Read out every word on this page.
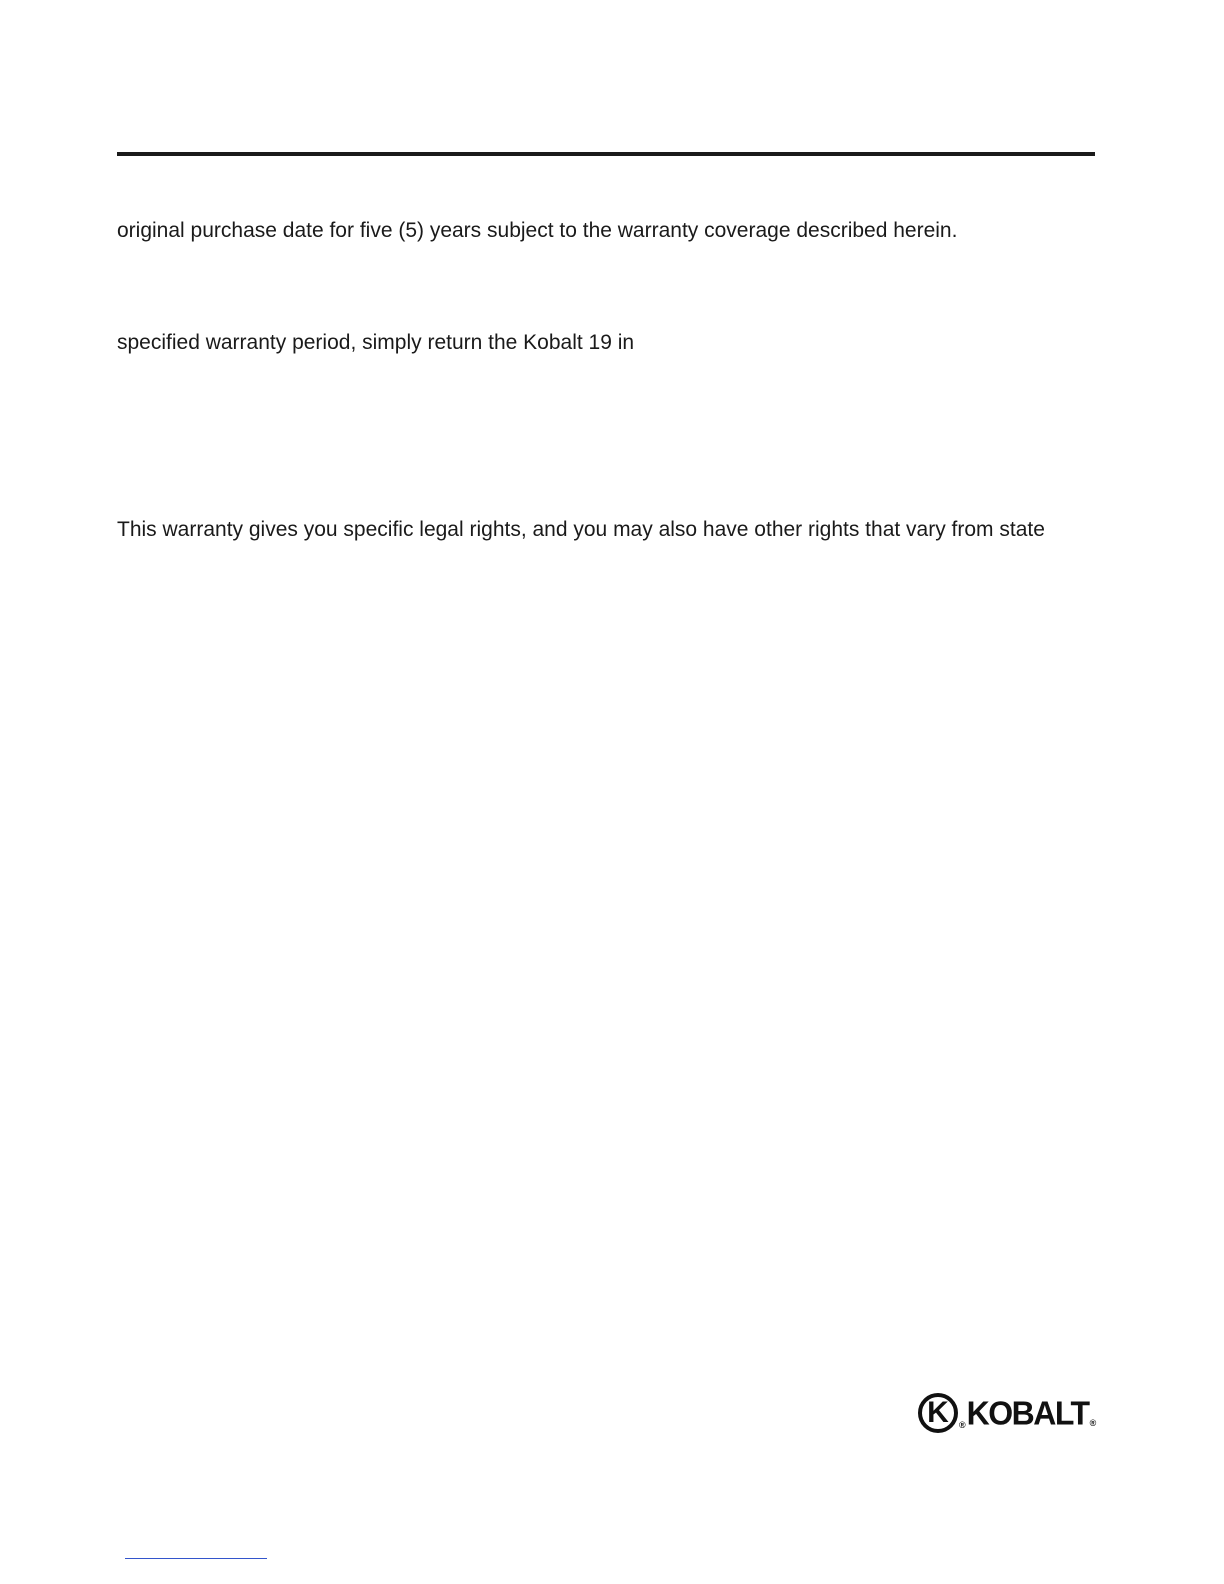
original purchase date for five (5) years subject to the warranty coverage described herein.
specified warranty period, simply return the Kobalt 19 in
This warranty gives you specific legal rights, and you may also have other rights that vary from state
K ® KOBALT ®
